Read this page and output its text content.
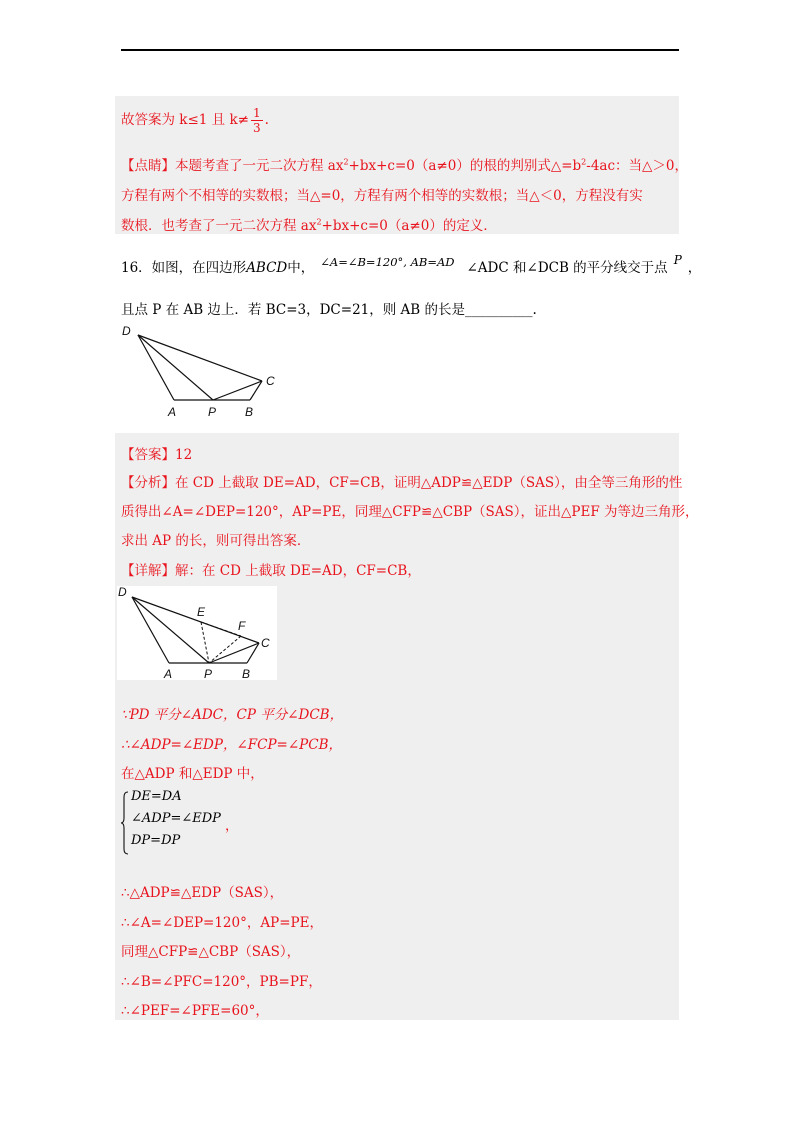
故答案为 k≤1 且 $k\ne \frac{1}{3}$ .
【点睛】本题考查了一元二次方程 $ax^2+bx+c=0(a\ne 0)$的根的判别式$\triangle=b^2-4ac$：当△＞0，
方程有两个不相等的实数根；当△=0，方程有两个相等的实数根；当△＜0，方程没有实
数根．也考查了一元二次方程 $ax^2+bx+c=0(a\ne 0)$的定义．
16．如图，在四边形ABCD中， ∠A=∠B=120°, AB=AD ∠ADC 和∠DCB 的平分线交于点 P ，
且点 P 在 AB 边上．若 BC=3，DC=21，则 AB 的长是__________.
D
C
A	P B
【答案】12
【分析】在 CD 上截取 DE=AD，CF=CB，证明△ADP≌△EDP（SAS），由全等三角形的性
质得出∠A=∠DEP=120°，AP=PE，同理△CFP≌△CBP（SAS），证出△PEF 为等边三角形，
求出 AP 的长，则可得出答案．
【详解】解：在 CD 上截取 DE=AD，CF=CB，
D
E
F
C
A	P B
∵PD 平分∠ADC，CP 平分∠DCB，
∴∠ADP=∠EDP，∠FCP=∠PCB，
在△ADP 和△EDP 中，
DE=DA
∠ADP=∠EDP
DP=DP
，
∴△ADP≌△EDP（SAS），
∴∠A=∠DEP=120°，AP=PE，
同理△CFP≌△CBP（SAS），
∴∠B=∠PFC=120°，PB=PF，
∴∠PEF=∠PFE=60°，
